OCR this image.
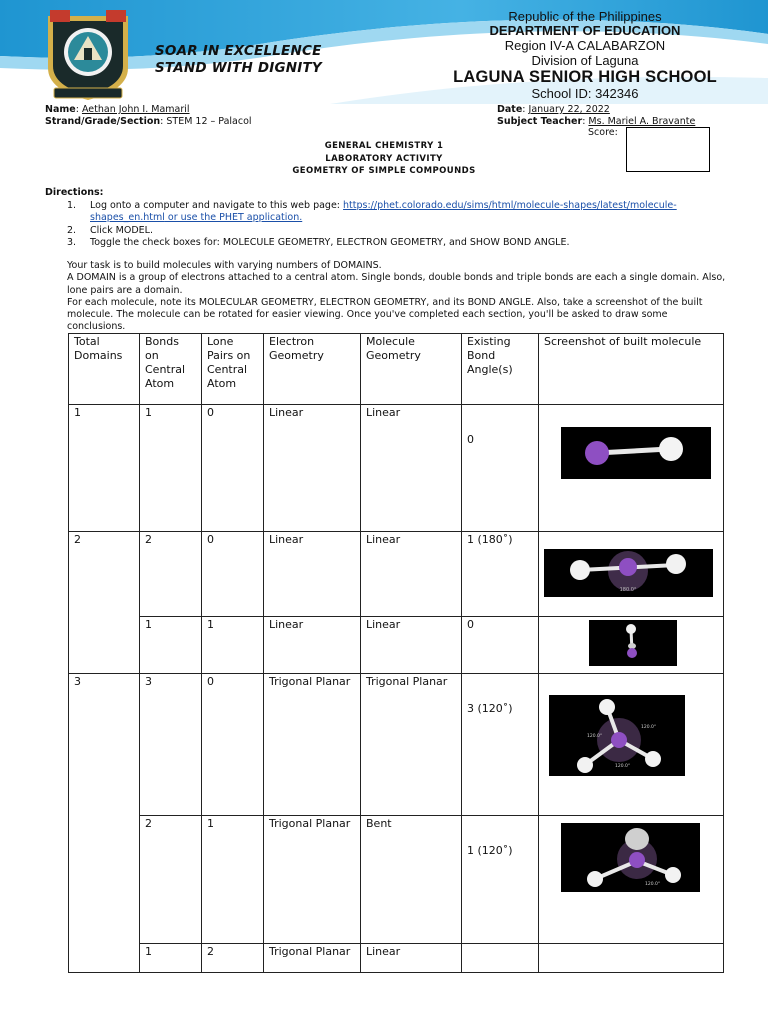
SOAR IN EXCELLENCE
STAND WITH DIGNITY
Republic of the Philippines
DEPARTMENT OF EDUCATION
Region IV-A CALABARZON
Division of Laguna
LAGUNA SENIOR HIGH SCHOOL
School ID: 342346
Name: Aethan John I. Mamaril
Strand/Grade/Section: STEM 12 – Palacol
Date: January 22, 2022
Subject Teacher: Ms. Mariel A. Bravante
Score:
GENERAL CHEMISTRY 1
LABORATORY ACTIVITY
GEOMETRY OF SIMPLE COMPOUNDS
Directions:
1. Log onto a computer and navigate to this web page: https://phet.colorado.edu/sims/html/molecule-shapes/latest/molecule-shapes_en.html or use the PHET application.
2. Click MODEL.
3. Toggle the check boxes for: MOLECULE GEOMETRY, ELECTRON GEOMETRY, and SHOW BOND ANGLE.
Your task is to build molecules with varying numbers of DOMAINS.
A DOMAIN is a group of electrons attached to a central atom. Single bonds, double bonds and triple bonds are each a single domain. Also, lone pairs are a domain.
For each molecule, note its MOLECULAR GEOMETRY, ELECTRON GEOMETRY, and its BOND ANGLE. Also, take a screenshot of the built molecule. The molecule can be rotated for easier viewing. Once you've completed each section, you'll be asked to draw some conclusions.
Total Domains	Bonds on Central Atom	Lone Pairs on Central Atom	Electron Geometry	Molecule Geometry	Existing Bond Angle(s)	Screenshot of built molecule
1	1	0	Linear	Linear	0

2	2	0	Linear	Linear	1 (180˚)	180.0°

	1	1	Linear	Linear	0

3	3	0	Trigonal Planar	Trigonal Planar	3 (120˚)	120.0°
120.0°
120.0°

	2	1	Trigonal Planar	Bent	1 (120˚)	120.0°

	1	2	Trigonal Planar	Linear		
